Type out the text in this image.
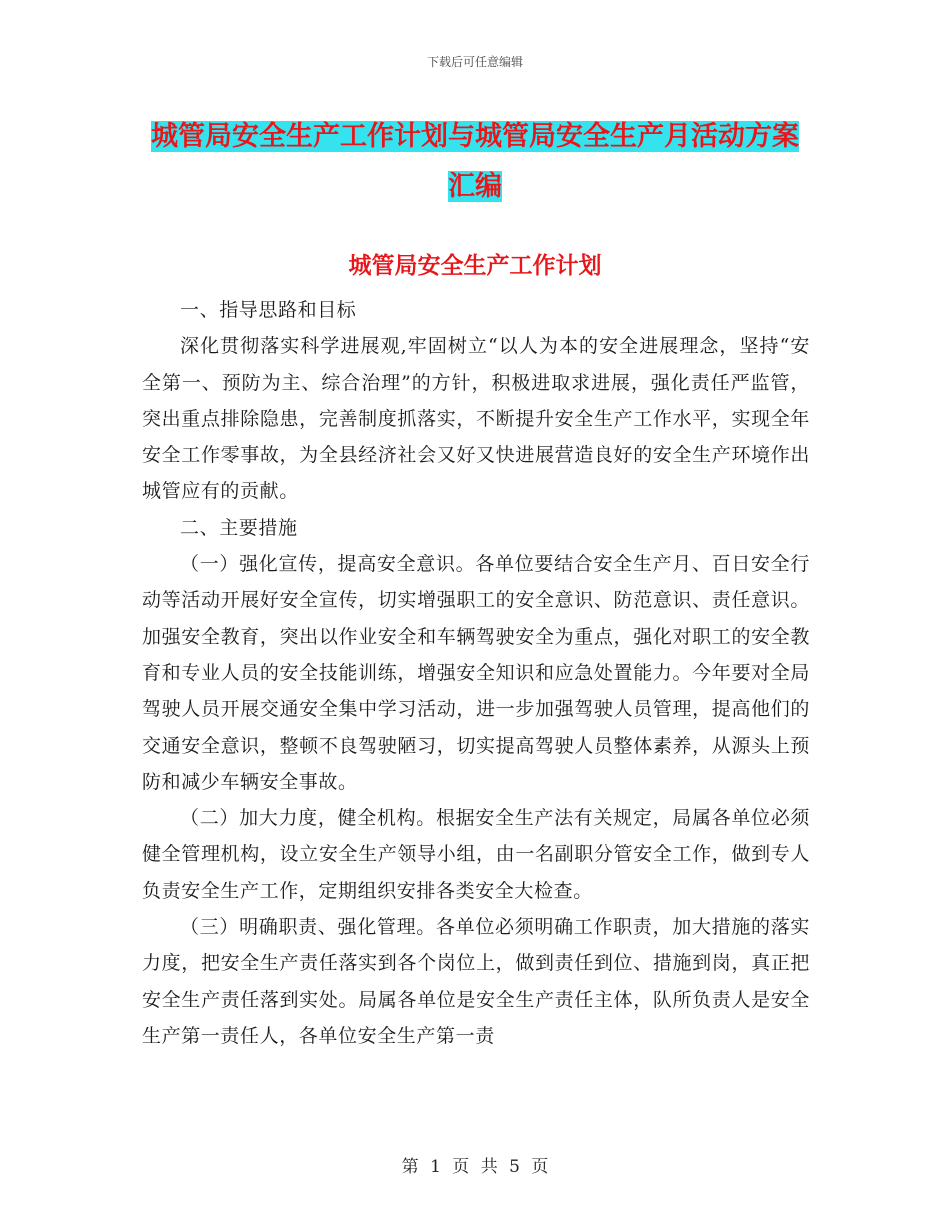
下载后可任意编辑
城管局安全生产工作计划与城管局安全生产月活动方案汇编
城管局安全生产工作计划

一、指导思路和目标

深化贯彻落实科学进展观,牢固树立“以人为本的安全进展理念，坚持“安全第一、预防为主、综合治理”的方针，积极进取求进展，强化责任严监管，突出重点排除隐患，完善制度抓落实，不断提升安全生产工作水平，实现全年安全工作零事故，为全县经济社会又好又快进展营造良好的安全生产环境作出城管应有的贡献。

二、主要措施

（一）强化宣传，提高安全意识。各单位要结合安全生产月、百日安全行动等活动开展好安全宣传，切实增强职工的安全意识、防范意识、责任意识。加强安全教育，突出以作业安全和车辆驾驶安全为重点，强化对职工的安全教育和专业人员的安全技能训练，增强安全知识和应急处置能力。今年要对全局驾驶人员开展交通安全集中学习活动，进一步加强驾驶人员管理，提高他们的交通安全意识，整顿不良驾驶陋习，切实提高驾驶人员整体素养，从源头上预防和减少车辆安全事故。

（二）加大力度，健全机构。根据安全生产法有关规定，局属各单位必须健全管理机构，设立安全生产领导小组，由一名副职分管安全工作，做到专人负责安全生产工作，定期组织安排各类安全大检查。

（三）明确职责、强化管理。各单位必须明确工作职责，加大措施的落实力度，把安全生产责任落实到各个岗位上，做到责任到位、措施到岗，真正把安全生产责任落到实处。局属各单位是安全生产责任主体，队所负责人是安全生产第一责任人，各单位安全生产第一责

第 1 页 共 5 页
